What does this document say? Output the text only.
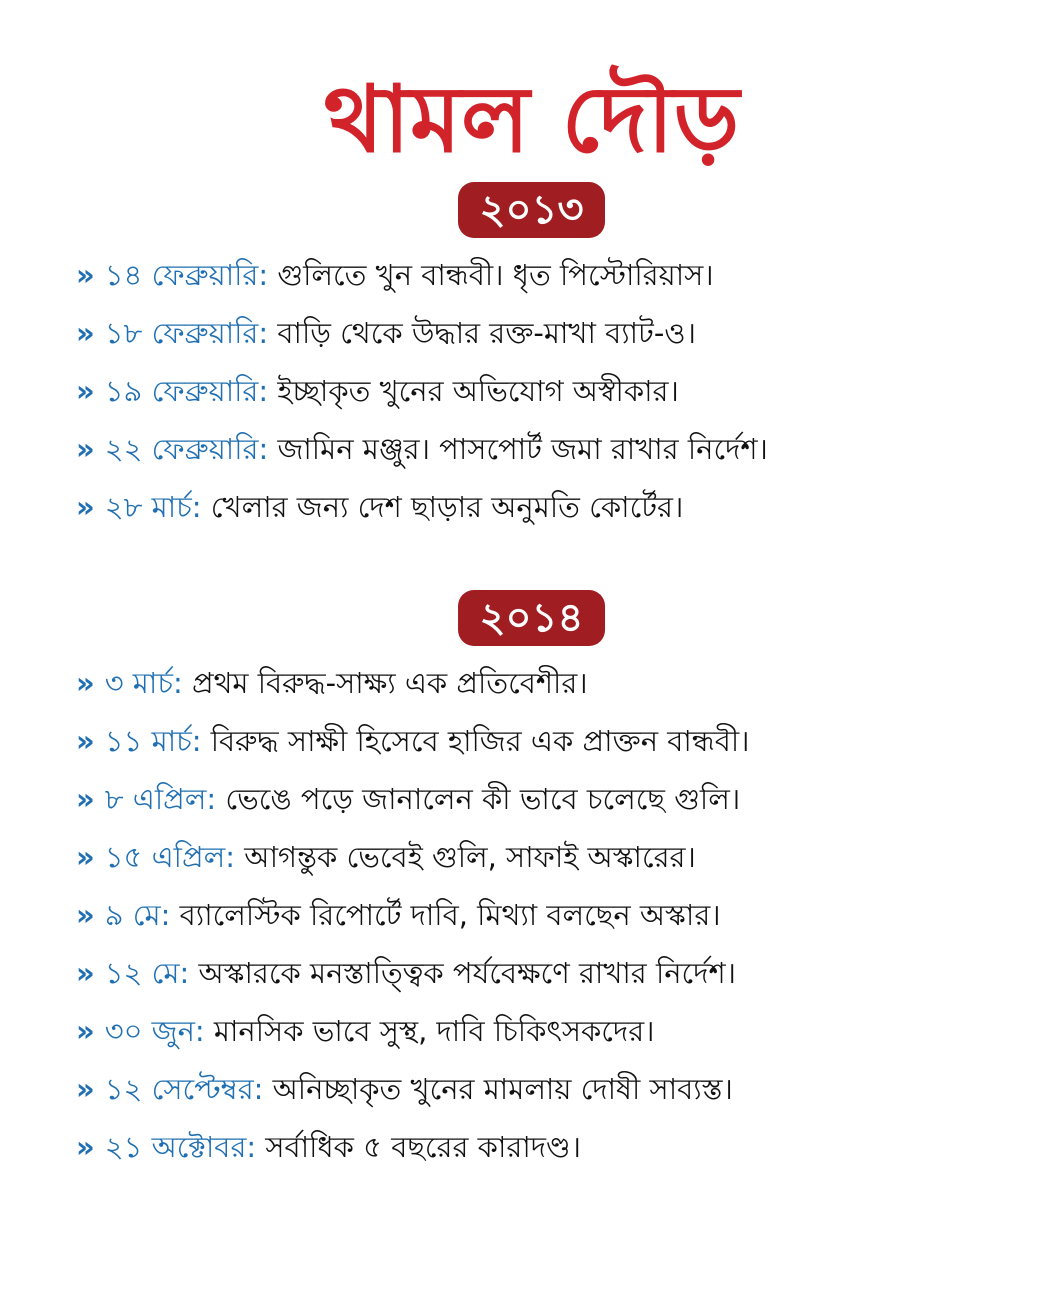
থামল দৌড়
২০১৩
» ১৪ ফেব্রুয়ারি: গুলিতে খুন বান্ধবী। ধৃত পিস্টোরিয়াস।
» ১৮ ফেব্রুয়ারি: বাড়ি থেকে উদ্ধার রক্ত-মাখা ব্যাট-ও।
» ১৯ ফেব্রুয়ারি: ইচ্ছাকৃত খুনের অভিযোগ অস্বীকার।
» ২২ ফেব্রুয়ারি: জামিন মঞ্জুর। পাসপোর্ট জমা রাখার নির্দেশ।
» ২৮ মার্চ: খেলার জন্য দেশ ছাড়ার অনুমতি কোর্টের।
২০১৪
» ৩ মার্চ: প্রথম বিরুদ্ধ-সাক্ষ্য এক প্রতিবেশীর।
» ১১ মার্চ: বিরুদ্ধ সাক্ষী হিসেবে হাজির এক প্রাক্তন বান্ধবী।
» ৮ এপ্রিল: ভেঙে পড়ে জানালেন কী ভাবে চলেছে গুলি।
» ১৫ এপ্রিল: আগন্তুক ভেবেই গুলি, সাফাই অস্কারের।
» ৯ মে: ব্যালেস্টিক রিপোর্টে দাবি, মিথ্যা বলছেন অস্কার।
» ১২ মে: অস্কারকে মনস্তাত্ত্বিক পর্যবেক্ষণে রাখার নির্দেশ।
» ৩০ জুন: মানসিক ভাবে সুস্থ, দাবি চিকিৎসকদের।
» ১২ সেপ্টেম্বর: অনিচ্ছাকৃত খুনের মামলায় দোষী সাব্যস্ত।
» ২১ অক্টোবর: সর্বাধিক ৫ বছরের কারাদণ্ড।
